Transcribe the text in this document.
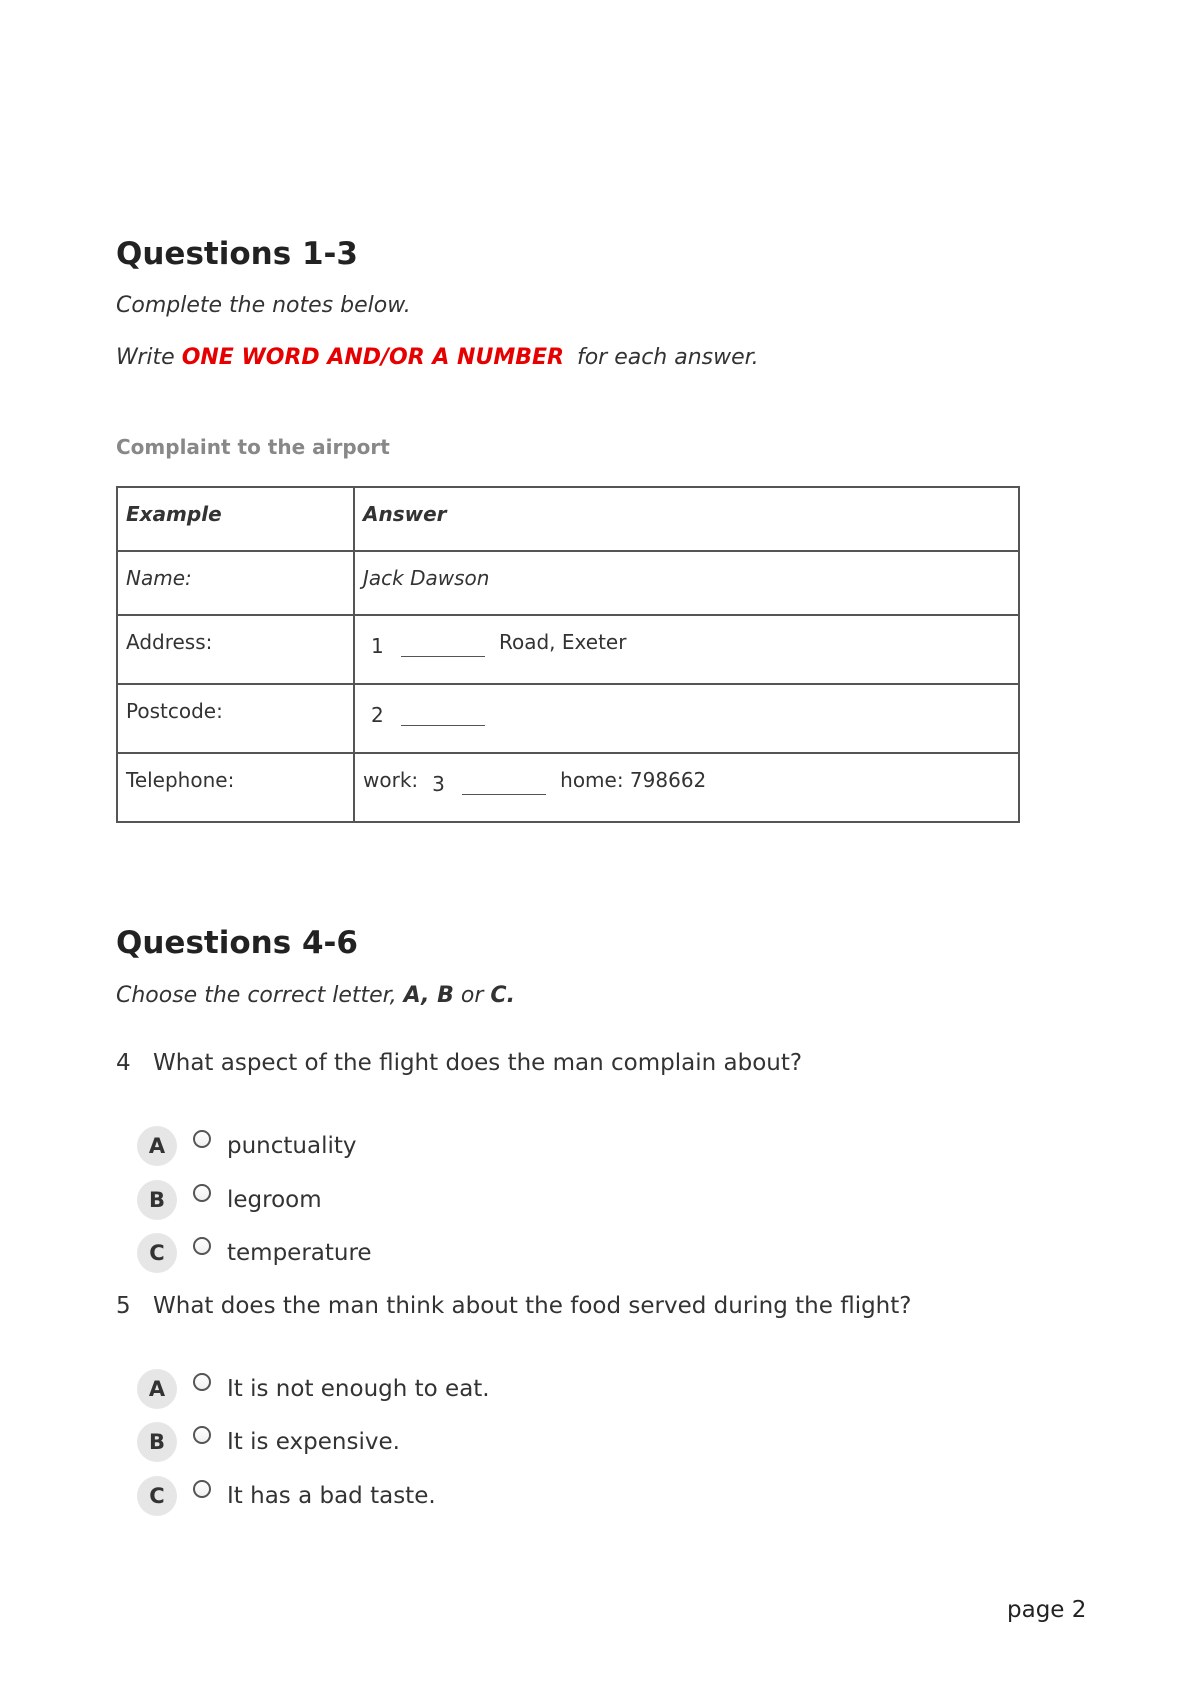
Questions 1-3
Complete the notes below.
Write ONE WORD AND/OR A NUMBER for each answer.
Complaint to the airport
Example	Answer
Name:	Jack Dawson
Address:	1 Road, Exeter
Postcode:	2
Telephone:	work: 3 home: 798662
Questions 4-6
Choose the correct letter, A, B or C.
4 What aspect of the flight does the man complain about?
A	punctuality
B	legroom
C	temperature
5 What does the man think about the food served during the flight?
A	It is not enough to eat.
B	It is expensive.
C	It has a bad taste.
page 2
